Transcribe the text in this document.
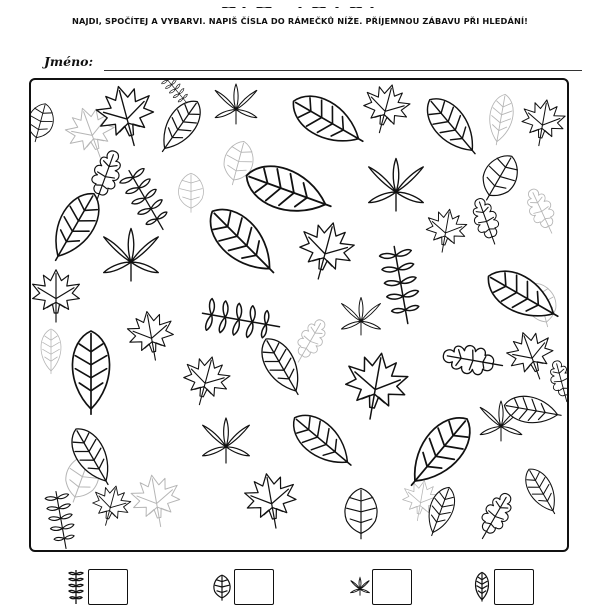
NAJDI, SPOČÍTEJ A VYBARVI. NAPIŠ ČÍSLA DO RÁMEČKŮ NÍŽE. PŘÍJEMNOU ZÁBAVU PŘI HLEDÁNÍ!
Jméno:
